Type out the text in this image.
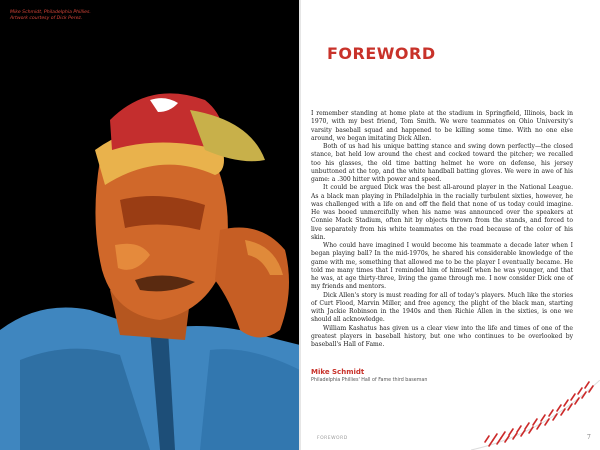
Mike Schmidt, Philadelphia Phillies. Artwork courtesy of Dick Perez.
FOREWORD

I remember standing at home plate at the stadium in Springfield, Illinois, back in 1970, with my best friend, Tom Smith. We were teammates on Ohio University's varsity baseball squad and happened to be killing some time. With no one else around, we began imitating Dick Allen.

Both of us had his unique batting stance and swing down perfectly—the closed stance, bat held low around the chest and cocked toward the pitcher; we recalled too his glasses, the old time batting helmet he wore on defense, his jersey unbuttoned at the top, and the white handball batting gloves. We were in awe of his game: a .300 hitter with power and speed.

It could be argued Dick was the best all-around player in the National League. As a black man playing in Philadelphia in the racially turbulent sixties, however, he was challenged with a life on and off the field that none of us today could imagine. He was booed unmercifully when his name was announced over the speakers at Connie Mack Stadium, often hit by objects thrown from the stands, and forced to live separately from his white teammates on the road because of the color of his skin.

Who could have imagined I would become his teammate a decade later when I began playing ball? In the mid-1970s, he shared his considerable knowledge of the game with me, something that allowed me to be the player I eventually became. He told me many times that I reminded him of himself when he was younger, and that he was, at age thirty-three, living the game through me. I now consider Dick one of my friends and mentors.

Dick Allen's story is must reading for all of today's players. Much like the stories of Curt Flood, Marvin Miller, and free agency, the plight of the black man, starting with Jackie Robinson in the 1940s and then Richie Allen in the sixties, is one we should all acknowledge.

William Kashatus has given us a clear view into the life and times of one of the greatest players in baseball history, but one who continues to be overlooked by baseball's Hall of Fame.

Mike Schmidt
Philadelphia Phillies' Hall of Fame third baseman
FOREWORD	7
